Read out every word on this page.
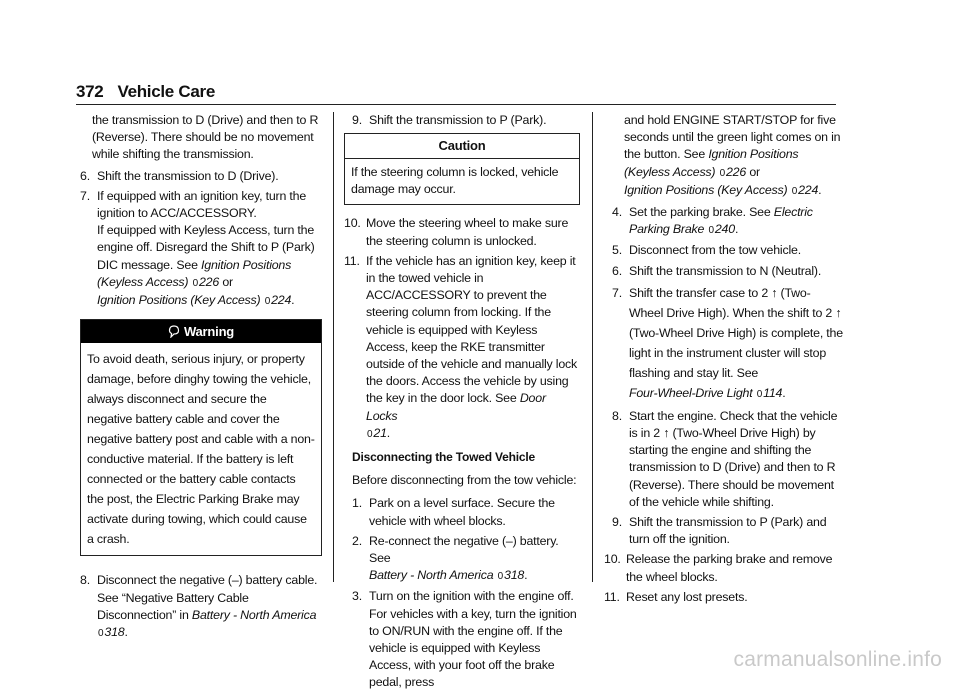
372 Vehicle Care
the transmission to D (Drive) and then to R (Reverse). There should be no movement while shifting the transmission.
6. Shift the transmission to D (Drive).
7. If equipped with an ignition key, turn the ignition to ACC/ACCESSORY.
If equipped with Keyless Access, turn the engine off. Disregard the Shift to P (Park) DIC message. See Ignition Positions (Keyless Access) 0226 or
Ignition Positions (Key Access) 0224.
Warning
To avoid death, serious injury, or property damage, before dinghy towing the vehicle, always disconnect and secure the negative battery cable and cover the negative battery post and cable with a non-conductive material. If the battery is left connected or the battery cable contacts the post, the Electric Parking Brake may activate during towing, which could cause a crash.
8. Disconnect the negative (–) battery cable. See “Negative Battery Cable Disconnection” in Battery - North America 0318.
9. Shift the transmission to P (Park).
Caution
If the steering column is locked, vehicle damage may occur.
10. Move the steering wheel to make sure the steering column is unlocked.
11. If the vehicle has an ignition key, keep it in the towed vehicle in ACC/ACCESSORY to prevent the steering column from locking. If the vehicle is equipped with Keyless Access, keep the RKE transmitter outside of the vehicle and manually lock the doors. Access the vehicle by using the key in the door lock. See Door Locks
021.
Disconnecting the Towed Vehicle
Before disconnecting from the tow vehicle:
1. Park on a level surface. Secure the vehicle with wheel blocks.
2. Re-connect the negative (–) battery. See
Battery - North America 0318.
3. Turn on the ignition with the engine off. For vehicles with a key, turn the ignition to ON/RUN with the engine off. If the vehicle is equipped with Keyless Access, with your foot off the brake pedal, press
and hold ENGINE START/STOP for five seconds until the green light comes on in the button. See Ignition Positions (Keyless Access) 0226 or
Ignition Positions (Key Access) 0224.
4. Set the parking brake. See Electric Parking Brake 0240.
5. Disconnect from the tow vehicle.
6. Shift the transmission to N (Neutral).
7. Shift the transfer case to 2 ↑ (Two-Wheel Drive High). When the shift to 2 ↑ (Two-Wheel Drive High) is complete, the light in the instrument cluster will stop flashing and stay lit. See
Four-Wheel-Drive Light 0114.
8. Start the engine. Check that the vehicle is in 2 ↑ (Two-Wheel Drive High) by starting the engine and shifting the transmission to D (Drive) and then to R (Reverse). There should be movement of the vehicle while shifting.
9. Shift the transmission to P (Park) and turn off the ignition.
10. Release the parking brake and remove the wheel blocks.
11. Reset any lost presets.
carmanualsonline.info
